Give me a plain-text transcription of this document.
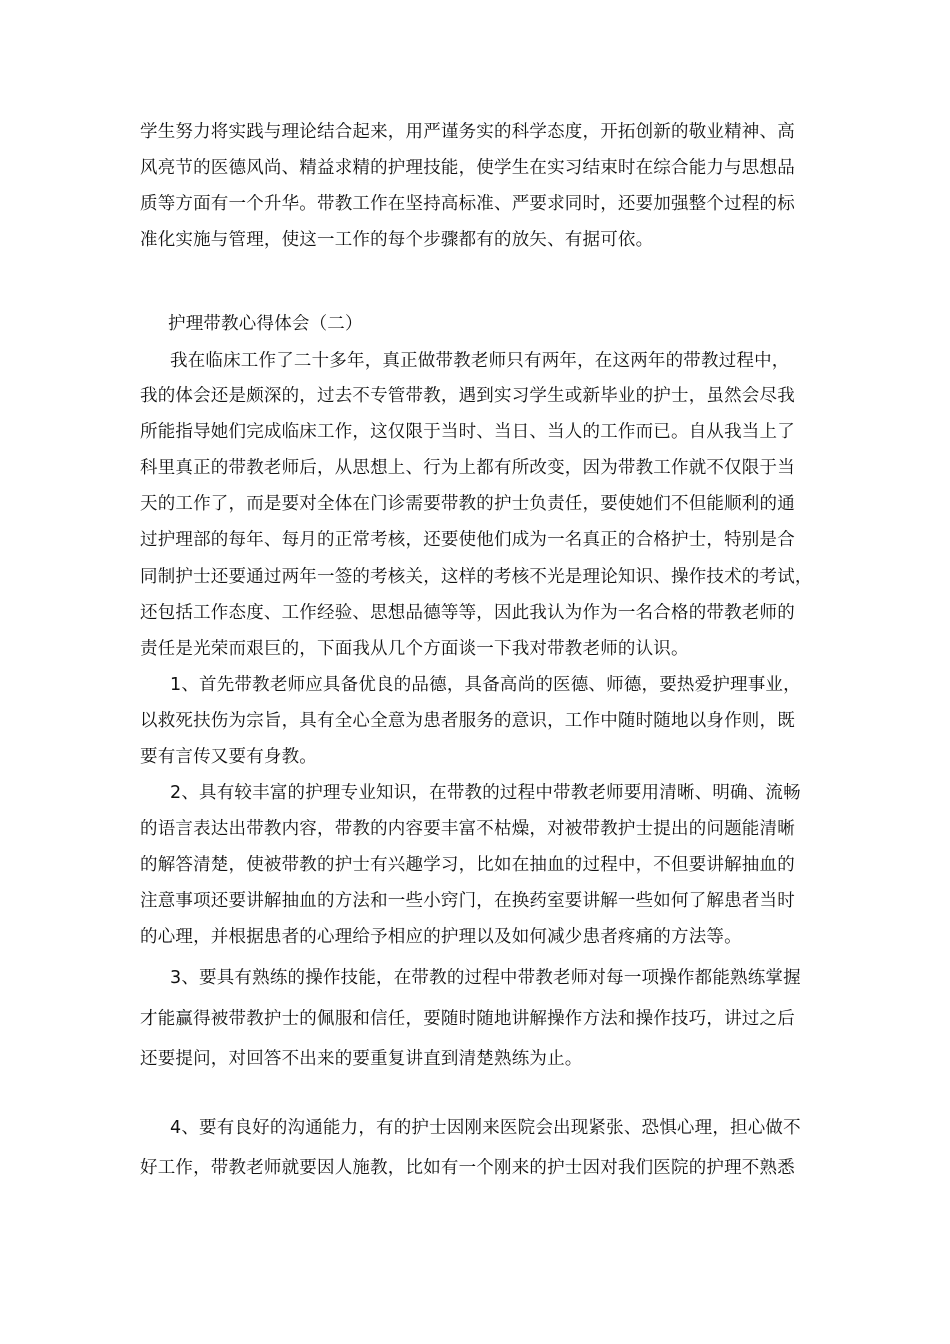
学生努力将实践与理论结合起来，用严谨务实的科学态度，开拓创新的敬业精神、高
风亮节的医德风尚、精益求精的护理技能，使学生在实习结束时在综合能力与思想品
质等方面有一个升华。带教工作在坚持高标准、严要求同时，还要加强整个过程的标
准化实施与管理，使这一工作的每个步骤都有的放矢、有据可依。
护理带教心得体会（二）
我在临床工作了二十多年，真正做带教老师只有两年，在这两年的带教过程中，
我的体会还是颇深的，过去不专管带教，遇到实习学生或新毕业的护士，虽然会尽我
所能指导她们完成临床工作，这仅限于当时、当日、当人的工作而已。自从我当上了
科里真正的带教老师后，从思想上、行为上都有所改变，因为带教工作就不仅限于当
天的工作了，而是要对全体在门诊需要带教的护士负责任，要使她们不但能顺利的通
过护理部的每年、每月的正常考核，还要使他们成为一名真正的合格护士，特别是合
同制护士还要通过两年一签的考核关，这样的考核不光是理论知识、操作技术的考试，
还包括工作态度、工作经验、思想品德等等，因此我认为作为一名合格的带教老师的
责任是光荣而艰巨的，下面我从几个方面谈一下我对带教老师的认识。
1、首先带教老师应具备优良的品德，具备高尚的医德、师德，要热爱护理事业，
以救死扶伤为宗旨，具有全心全意为患者服务的意识，工作中随时随地以身作则，既
要有言传又要有身教。
2、具有较丰富的护理专业知识，在带教的过程中带教老师要用清晰、明确、流畅
的语言表达出带教内容，带教的内容要丰富不枯燥，对被带教护士提出的问题能清晰
的解答清楚，使被带教的护士有兴趣学习，比如在抽血的过程中，不但要讲解抽血的
注意事项还要讲解抽血的方法和一些小窍门，在换药室要讲解一些如何了解患者当时
的心理，并根据患者的心理给予相应的护理以及如何减少患者疼痛的方法等。
3、要具有熟练的操作技能，在带教的过程中带教老师对每一项操作都能熟练掌握
才能赢得被带教护士的佩服和信任，要随时随地讲解操作方法和操作技巧，讲过之后
还要提问，对回答不出来的要重复讲直到清楚熟练为止。
4、要有良好的沟通能力，有的护士因刚来医院会出现紧张、恐惧心理，担心做不
好工作，带教老师就要因人施教，比如有一个刚来的护士因对我们医院的护理不熟悉
